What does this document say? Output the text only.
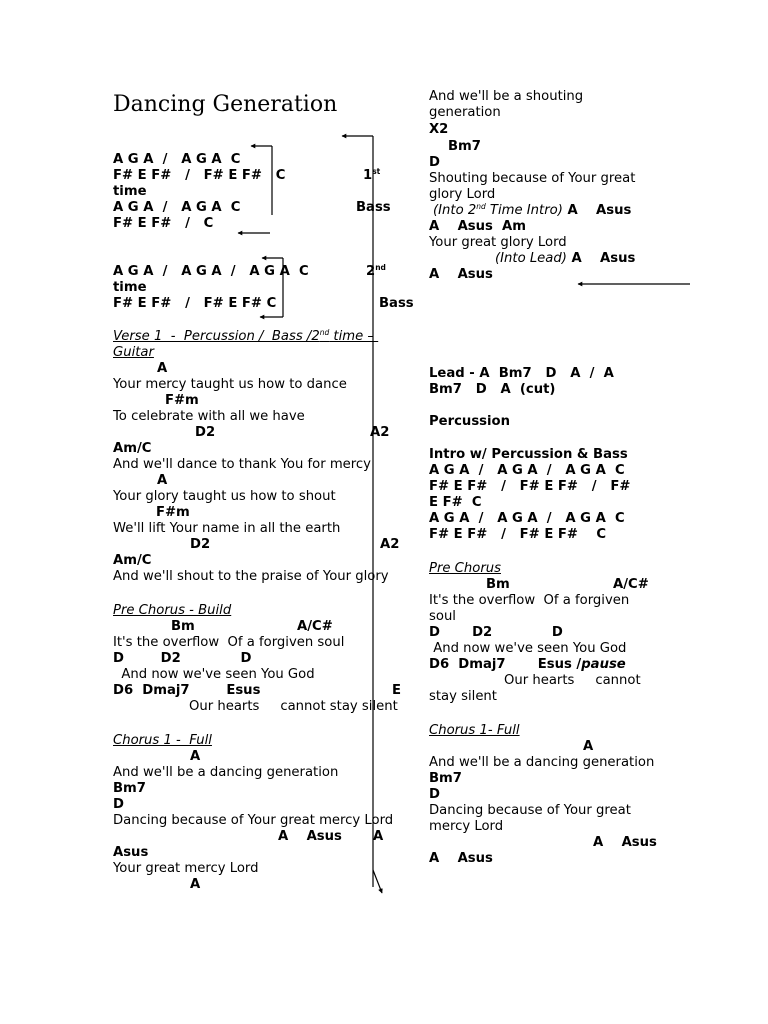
Dancing Generation
A G A  /   A G A  C
F# E F#   /   F# E F#   C	1st
time
A G A  /   A G A  C	Bass
F# E F#   /   C
A G A  /   A G A  /   A G A  C	2nd
time
F# E F#   /   F# E F# C	Bass
Verse 1  -  Percussion /  Bass /2nd time –
Guitar
A
Your mercy taught us how to dance
F#m
To celebrate with all we have
D2	A2
Am/C
And we'll dance to thank You for mercy
A
Your glory taught us how to shout
F#m
We'll lift Your name in all the earth
D2	A2
Am/C
And we'll shout to the praise of Your glory
Pre Chorus - Build
Bm	A/C#
It's the overflow  Of a forgiven soul
D        D2             D
And now we've seen You God
D6  Dmaj7        Esus	E
Our hearts     cannot stay silent
Chorus 1 -  Full
A
And we'll be a dancing generation
Bm7
D
Dancing because of Your great mercy Lord
A    Asus A
Asus
Your great mercy Lord
A
And we'll be a shouting
generation
X2
Bm7
D
Shouting because of Your great
glory Lord
(Into 2nd Time Intro) A    Asus
A    Asus  Am
Your great glory Lord
(Into Lead) A    Asus
A    Asus
Lead - A  Bm7   D   A  /  A
Bm7   D   A  (cut)
Percussion
Intro w/ Percussion & Bass
A G A  /   A G A  /   A G A  C
F# E F#   /   F# E F#   /   F#
E F#  C
A G A  /   A G A  /   A G A  C
F# E F#   /   F# E F#    C
Pre Chorus
Bm	A/C#
It's the overflow  Of a forgiven
soul
D       D2             D
And now we've seen You God
D6  Dmaj7       Esus /pause
Our hearts     cannot
stay silent
Chorus 1- Full
A
And we'll be a dancing generation
Bm7
D
Dancing because of Your great
mercy Lord
A    Asus
A    Asus
